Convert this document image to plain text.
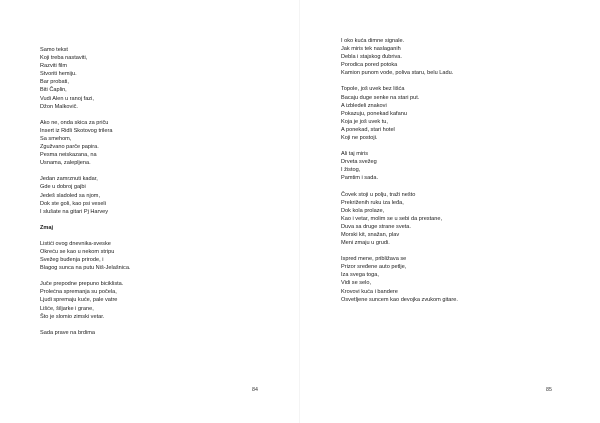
Samo tekst
Koji treba nastaviti,
Razviti film
Stvoriti hemiju.
Bar probati,
Biti Čaplin,
Vudi Alen u ranoj fazi,
Džon Malkovič.
Ako ne, onda skica za priču
Insert iz Ridli Skotovog trilera
Sa smehom,
Zgužvano parče papira.
Pesma neiskazana, na
Usnama, zalepljena.
Jedan zamrznuti kadar,
Gde u dobroj gajbi
Jedeš sladoled sa njom,
Dok ste goli, kao psi veseli
I slušate na gitari Pj Harvey
Zmaj
Listići ovog dnevnika-sveske
Okreću se kao u nekom stripu
Svežeg buđenja prirode, i
Blagog sunca na putu Niš-Jelašnica.
Juče prepodne prepuno biciklista.
Prolećna spremanja su počela,
Ljudi spremaju kuće, pale vatre
Lišće, šiljarke i grane,
Što je slomio zimski vetar.
Sada prave na brdima
84
I oko kuća dimne signale.
Jak miris tek naslaganih
Debla i stajskog đubriva.
Porodica pored potoka
Kamion punom vode, poliva staru, belu Ladu.
Topole, još uvek bez lišća
Bacaju duge senke na stari put.
A izbledeli znakovi
Pokazuju, ponekad kafanu
Koja je još uvek tu,
A ponekad, stari hotel
Koji ne postoji.
Ali taj miris
Drveta svežeg
I žistog,
Pamtim i sada.
Čovek stoji u polju, traži nešto
Prekriženih ruku iza leđa,
Dok kola prolaze,
Kao i vetar, molim se u sebi da prestane,
Duva sa druge strane sveta.
Morski kit, snažan, plav
Meni zmaju u grudi.
Ispred mene, približava se
Prizor sređene auto petlje,
Iza svega toga,
Vidi se selo,
Krovovi kuća i bandere
Osvetljene suncem kao devojka zvukom gitare.
85
